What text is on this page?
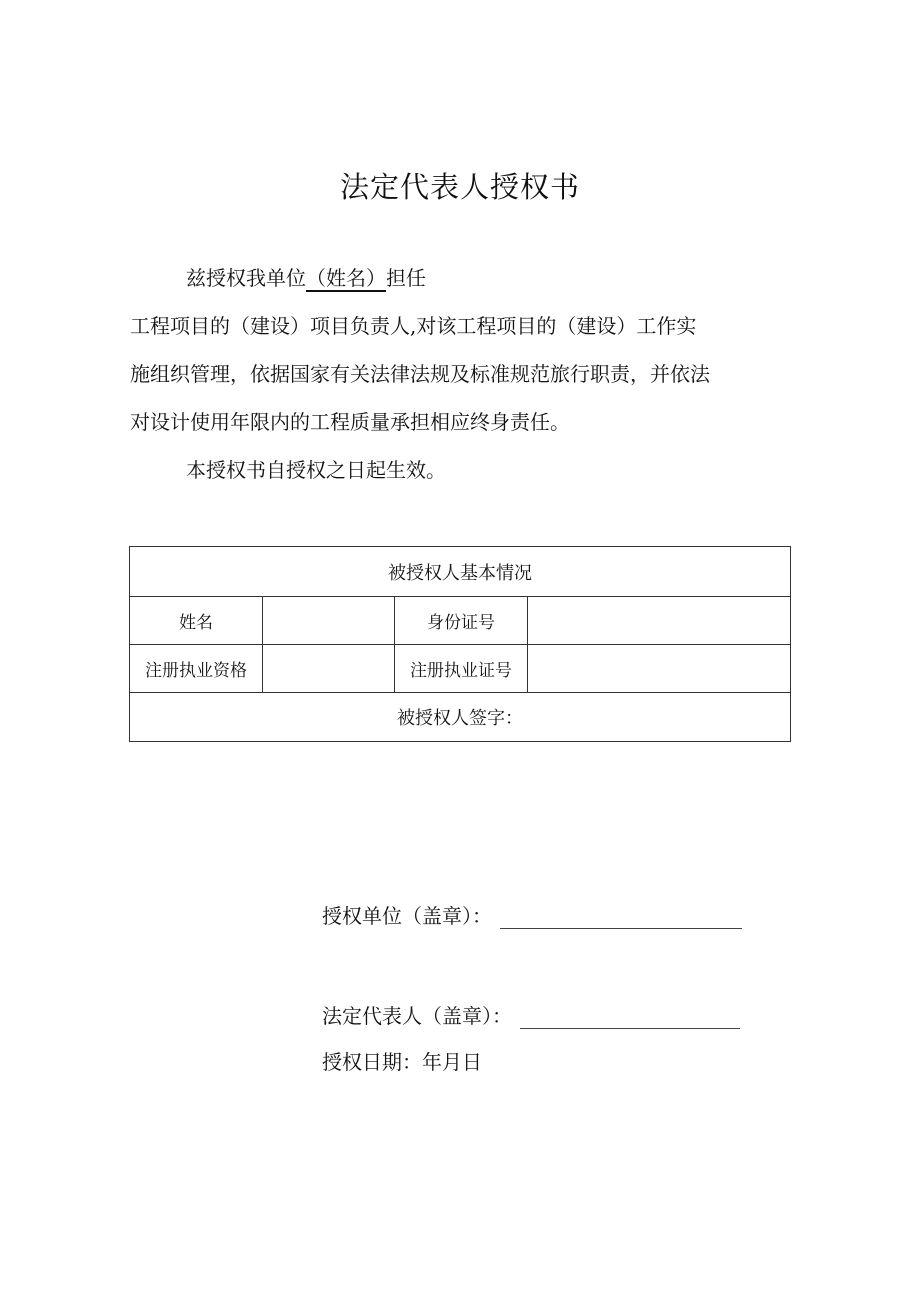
法定代表人授权书
兹授权我单位（姓名）担任
工程项目的（建设）项目负责人,对该工程项目的（建设）工作实
施组织管理，依据国家有关法律法规及标准规范旅行职责，并依法
对设计使用年限内的工程质量承担相应终身责任。
本授权书自授权之日起生效。
被授权人基本情况			
姓名		身份证号	
注册执业资格		注册执业证号	
被授权人签字：			
授权单位（盖章）：
法定代表人（盖章）：
授权日期：年月日
